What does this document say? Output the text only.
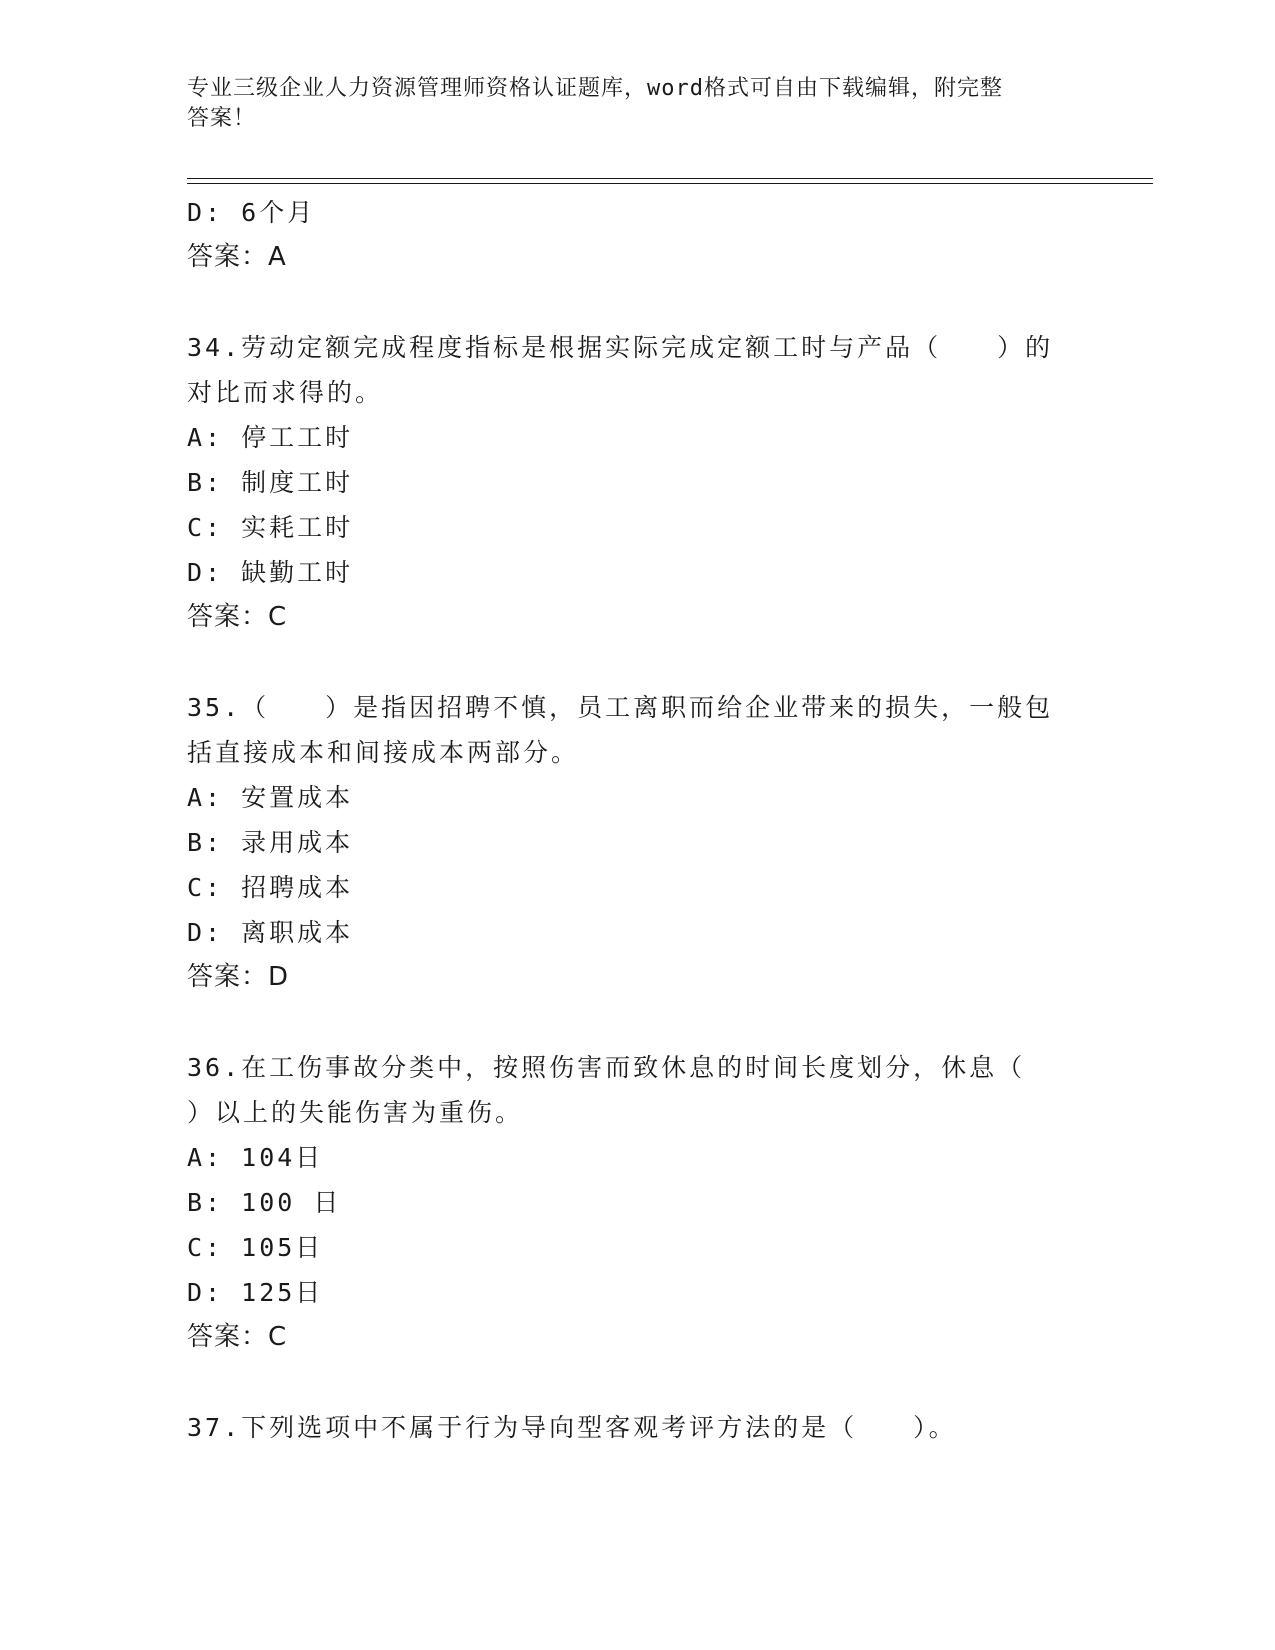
专业三级企业人力资源管理师资格认证题库，word格式可自由下载编辑，附完整
答案！
D: 6个月
答案：A
34.劳动定额完成程度指标是根据实际完成定额工时与产品（　　）的
对比而求得的。
A: 停工工时
B: 制度工时
C: 实耗工时
D: 缺勤工时
答案：C
35.（　　）是指因招聘不慎，员工离职而给企业带来的损失，一般包
括直接成本和间接成本两部分。
A: 安置成本
B: 录用成本
C: 招聘成本
D: 离职成本
答案：D
36.在工伤事故分类中，按照伤害而致休息的时间长度划分，休息（
）以上的失能伤害为重伤。
A: 104日
B: 100 日
C: 105日
D: 125日
答案：C
37.下列选项中不属于行为导向型客观考评方法的是（　　）。
